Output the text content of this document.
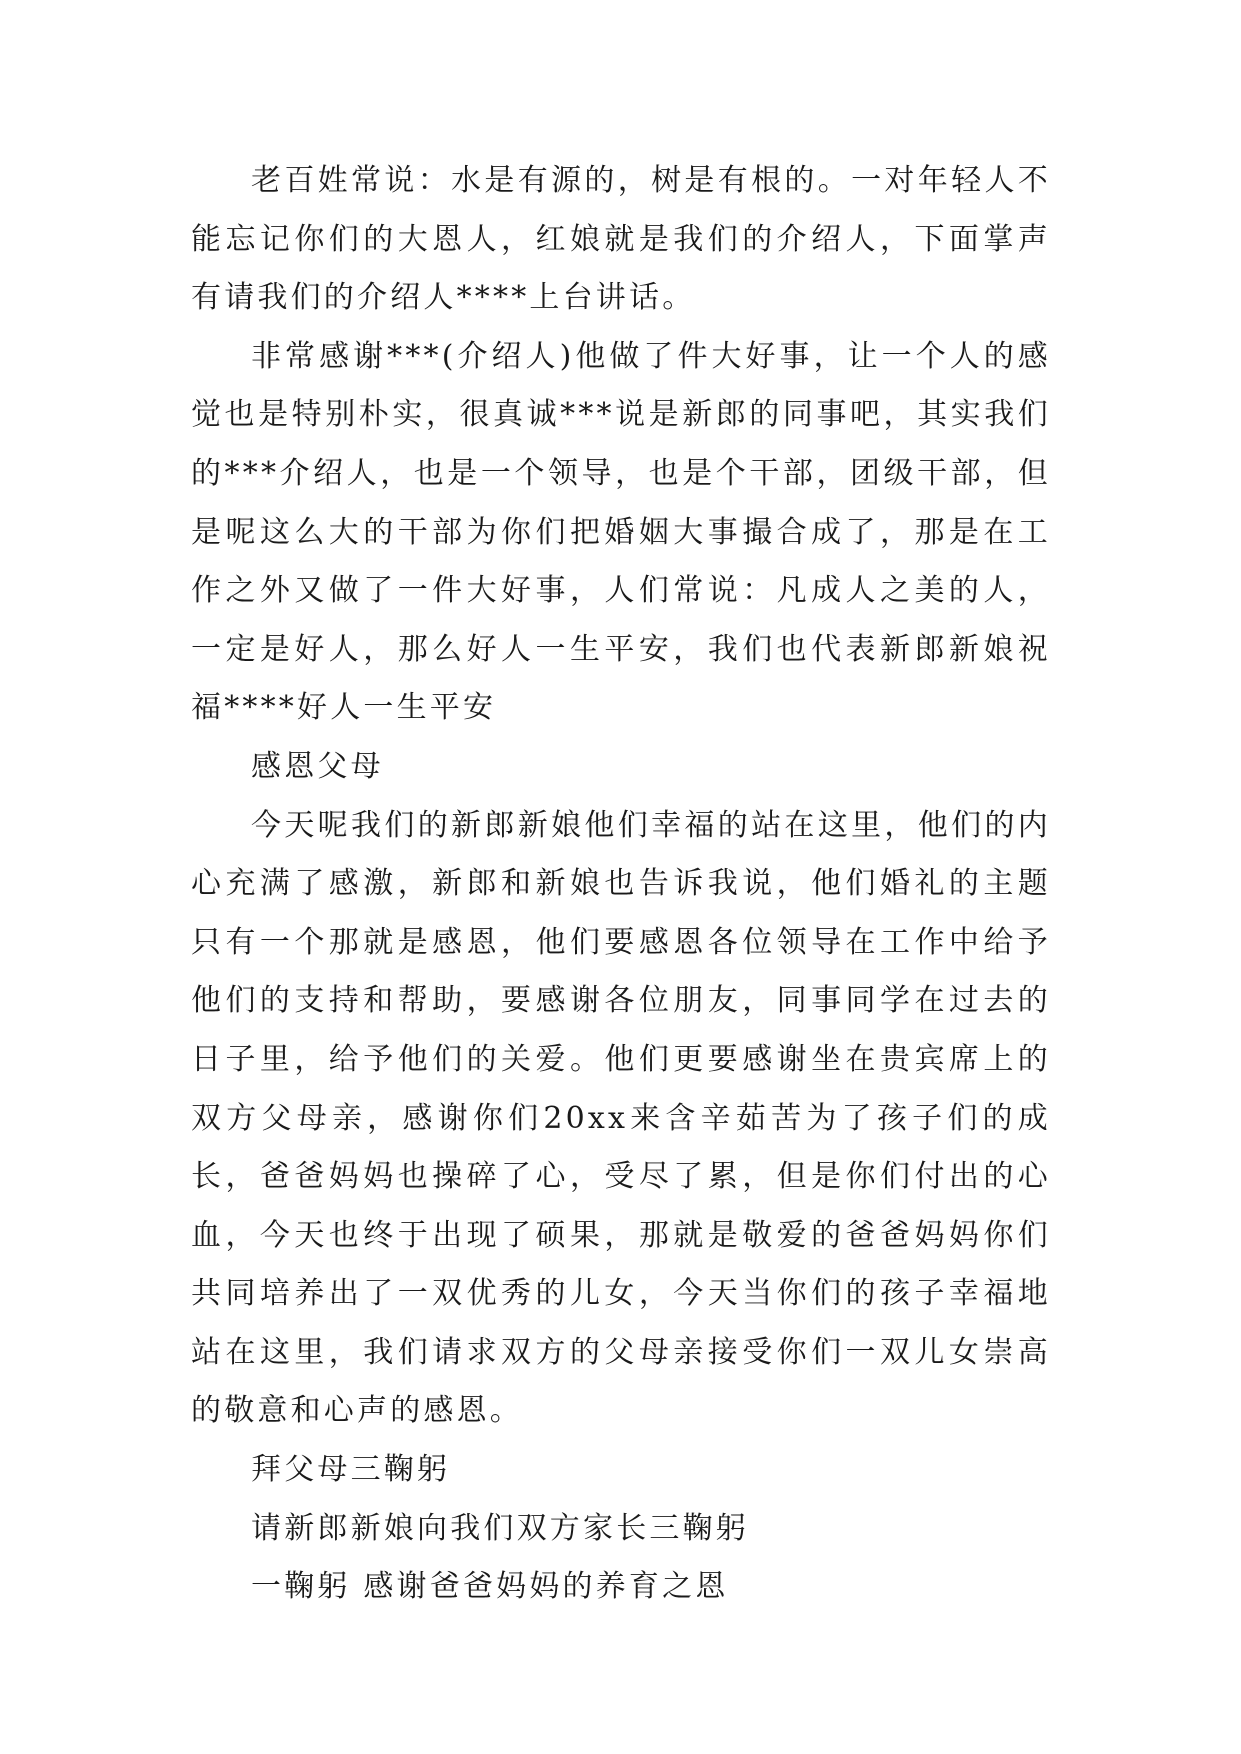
老百姓常说：水是有源的，树是有根的。一对年轻人不能忘记你们的大恩人，红娘就是我们的介绍人，下面掌声有请我们的介绍人****上台讲话。

非常感谢***(介绍人)他做了件大好事，让一个人的感觉也是特别朴实，很真诚***说是新郎的同事吧，其实我们的***介绍人，也是一个领导，也是个干部，团级干部，但是呢这么大的干部为你们把婚姻大事撮合成了，那是在工作之外又做了一件大好事，人们常说：凡成人之美的人，一定是好人，那么好人一生平安，我们也代表新郎新娘祝福****好人一生平安

感恩父母

今天呢我们的新郎新娘他们幸福的站在这里，他们的内心充满了感激，新郎和新娘也告诉我说，他们婚礼的主题只有一个那就是感恩，他们要感恩各位领导在工作中给予他们的支持和帮助，要感谢各位朋友，同事同学在过去的日子里，给予他们的关爱。他们更要感谢坐在贵宾席上的双方父母亲，感谢你们20xx来含辛茹苦为了孩子们的成长，爸爸妈妈也操碎了心，受尽了累，但是你们付出的心血，今天也终于出现了硕果，那就是敬爱的爸爸妈妈你们共同培养出了一双优秀的儿女，今天当你们的孩子幸福地站在这里，我们请求双方的父母亲接受你们一双儿女崇高的敬意和心声的感恩。

拜父母三鞠躬

请新郎新娘向我们双方家长三鞠躬

一鞠躬 感谢爸爸妈妈的养育之恩
